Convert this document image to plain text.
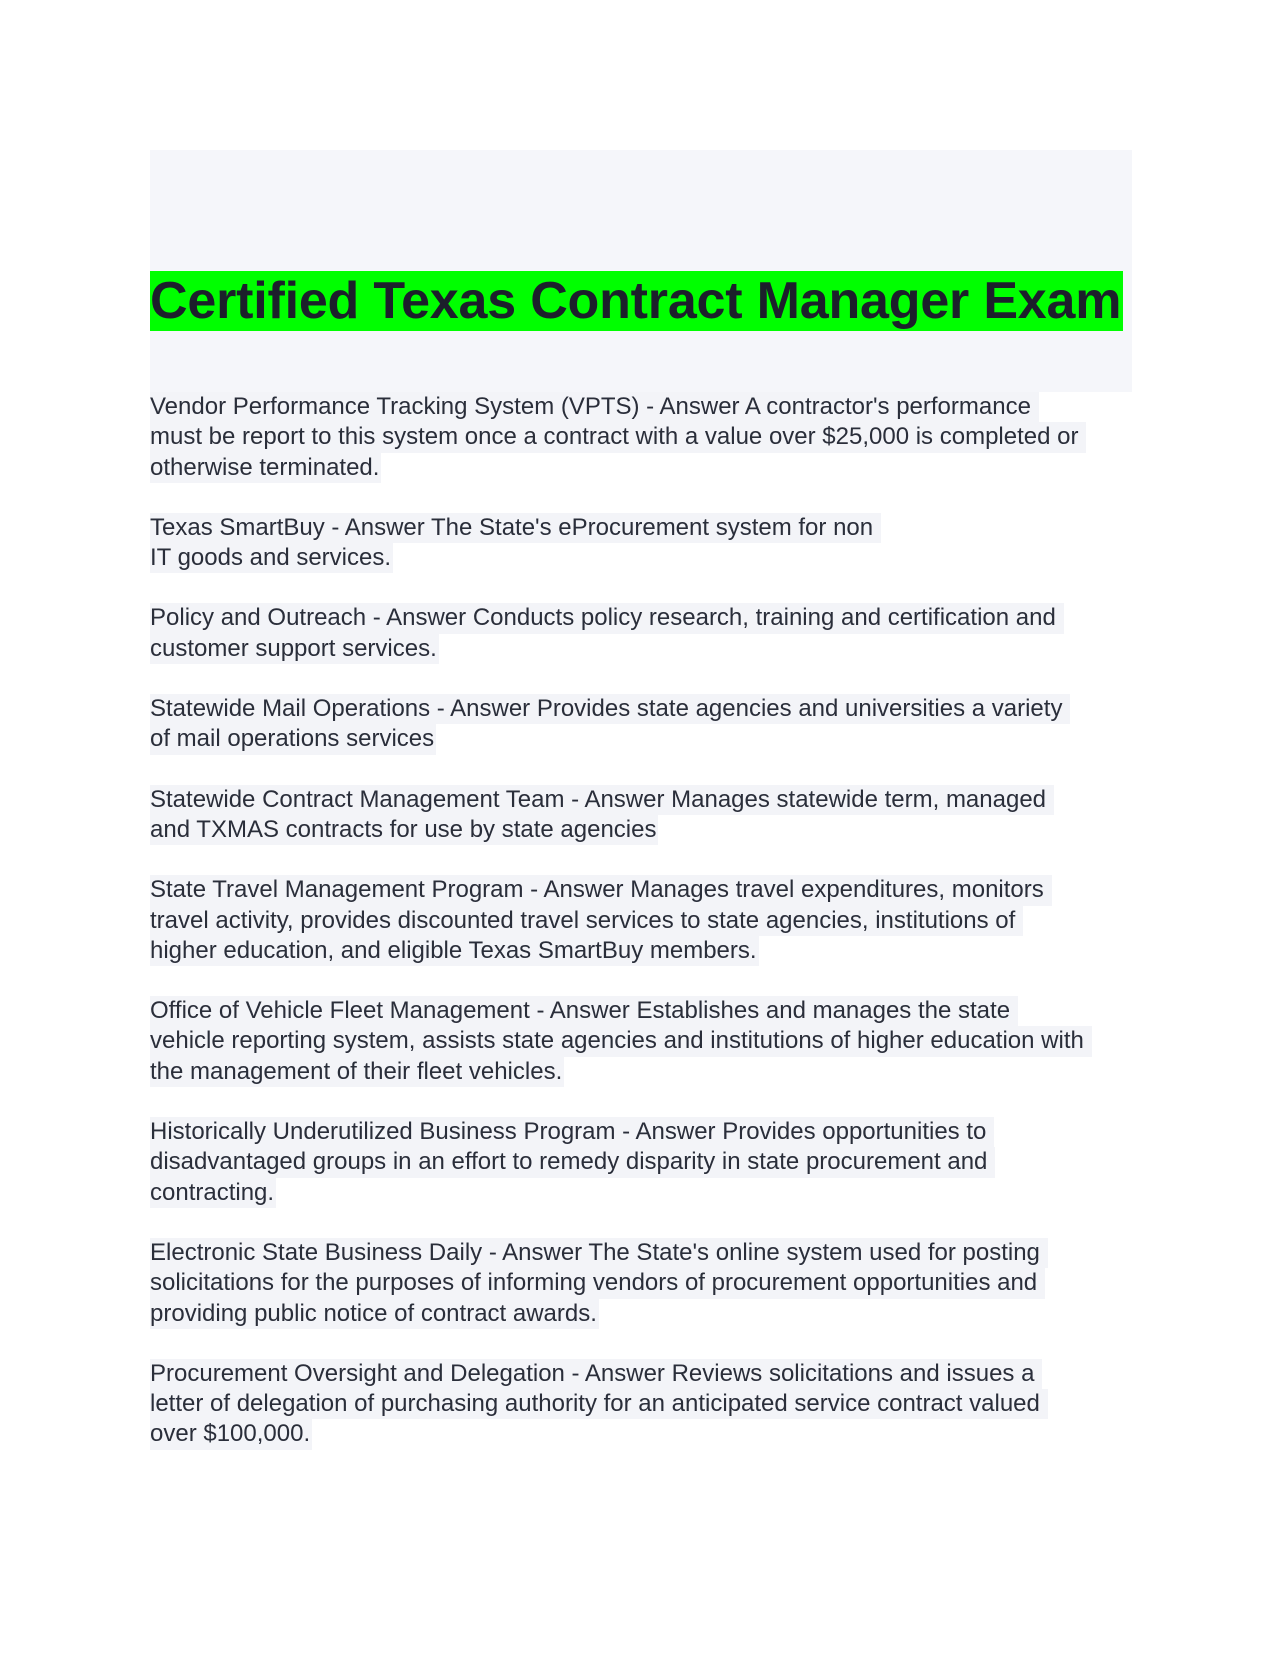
Certified Texas Contract Manager Exam
Vendor Performance Tracking System (VPTS) - Answer A contractor's performance
must be report to this system once a contract with a value over $25,000 is completed or
otherwise terminated.
Texas SmartBuy - Answer The State's eProcurement system for non
IT goods and services.
Policy and Outreach - Answer Conducts policy research, training and certification and
customer support services.
Statewide Mail Operations - Answer Provides state agencies and universities a variety
of mail operations services
Statewide Contract Management Team - Answer Manages statewide term, managed
and TXMAS contracts for use by state agencies
State Travel Management Program - Answer Manages travel expenditures, monitors
travel activity, provides discounted travel services to state agencies, institutions of
higher education, and eligible Texas SmartBuy members.
Office of Vehicle Fleet Management - Answer Establishes and manages the state
vehicle reporting system, assists state agencies and institutions of higher education with
the management of their fleet vehicles.
Historically Underutilized Business Program - Answer Provides opportunities to
disadvantaged groups in an effort to remedy disparity in state procurement and
contracting.
Electronic State Business Daily - Answer The State's online system used for posting
solicitations for the purposes of informing vendors of procurement opportunities and
providing public notice of contract awards.
Procurement Oversight and Delegation - Answer Reviews solicitations and issues a
letter of delegation of purchasing authority for an anticipated service contract valued
over $100,000.
